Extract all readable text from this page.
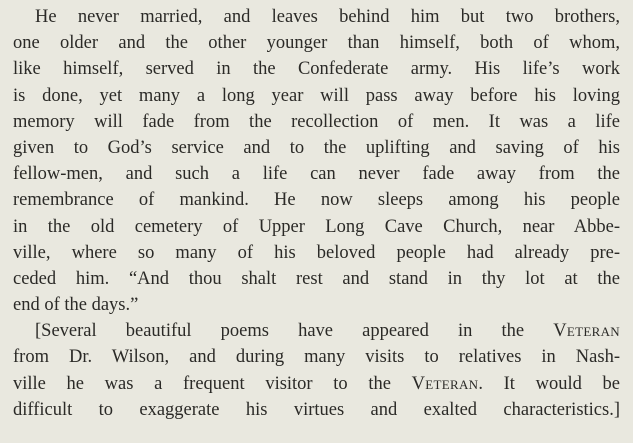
He never married, and leaves behind him but two brothers,
one older and the other younger than himself, both of whom,
like himself, served in the Confederate army. His life’s work
is done, yet many a long year will pass away before his loving
memory will fade from the recollection of men. It was a life
given to God’s service and to the uplifting and saving of his
fellow-men, and such a life can never fade away from the
remembrance of mankind. He now sleeps among his people
in the old cemetery of Upper Long Cave Church, near Abbe-
ville, where so many of his beloved people had already pre-
ceded him. “And thou shalt rest and stand in thy lot at the
end of the days.”
[Several beautiful poems have appeared in the Veteran
from Dr. Wilson, and during many visits to relatives in Nash-
ville he was a frequent visitor to the Veteran. It would be
difficult to exaggerate his virtues and exalted characteristics.]
